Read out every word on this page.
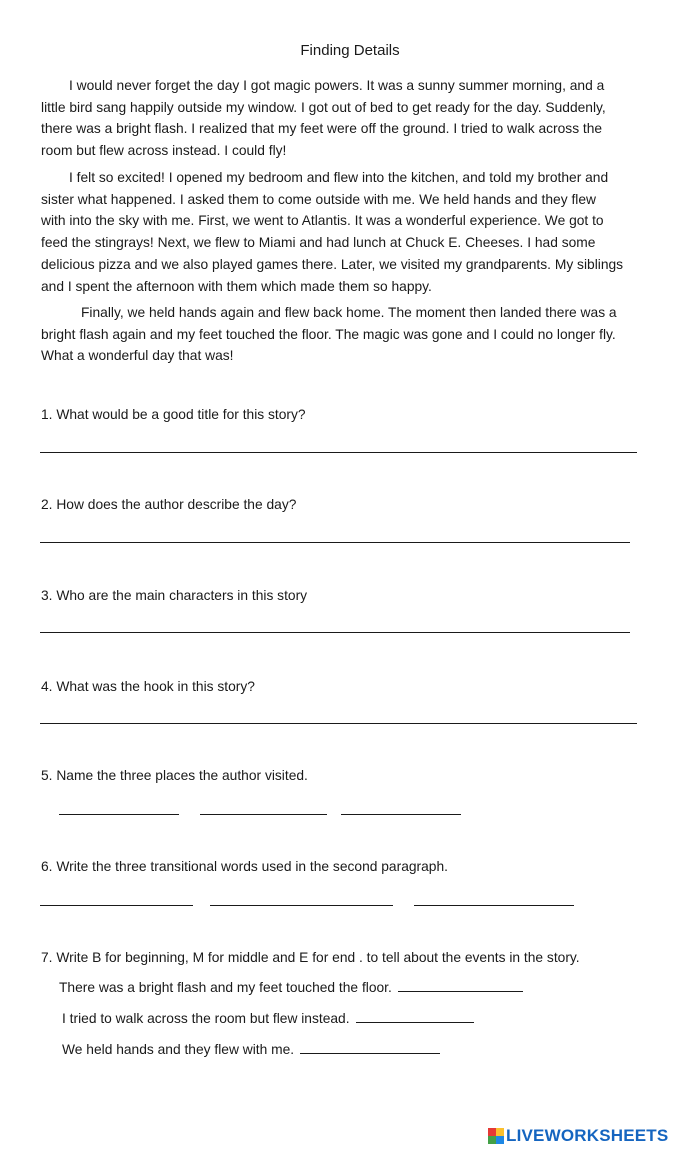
Finding Details

I would never forget the day I got magic powers. It was a sunny summer morning, and a
little bird sang happily outside my window. I got out of bed to get ready for the day. Suddenly,
there was a bright flash. I realized that my feet were off the ground. I tried to walk across the
room but flew across instead. I could fly!

I felt so excited! I opened my bedroom and flew into the kitchen, and told my brother and
sister what happened. I asked them to come outside with me. We held hands and they flew
with into the sky with me. First, we went to Atlantis. It was a wonderful experience. We got to
feed the stingrays! Next, we flew to Miami and had lunch at Chuck E. Cheeses. I had some
delicious pizza and we also played games there. Later, we visited my grandparents. My siblings
and I spent the afternoon with them which made them so happy.

Finally, we held hands again and flew back home. The moment then landed there was a
bright flash again and my feet touched the floor. The magic was gone and I could no longer fly.
What a wonderful day that was!

1. What would be a good title for this story?
2. How does the author describe the day?
3. Who are the main characters in this story
4. What was the hook in this story?
5. Name the three places the author visited.
6. Write the three transitional words used in the second paragraph.
7. Write B for beginning, M for middle and E for end . to tell about the events in the story.
There was a bright flash and my feet touched the floor.
I tried to walk across the room but flew instead.
We held hands and they flew with me.
LIVEWORKSHEETS
